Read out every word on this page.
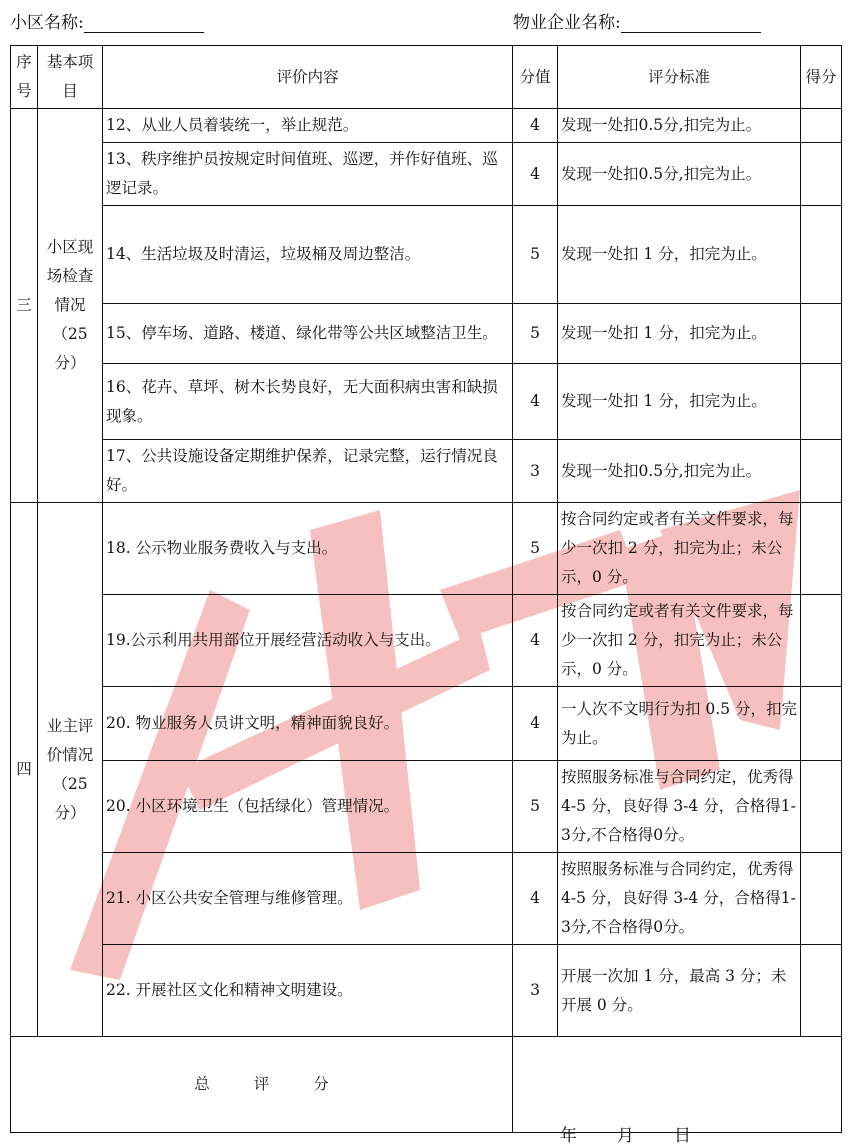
小区名称:	物业企业名称:
序号	基本项目	评价内容	分值	评分标准	得分
三	小区现场检查情况（25分）	12、从业人员着装统一，举止规范。	4	发现一处扣0.5分,扣完为止。	
		13、秩序维护员按规定时间值班、巡逻，并作好值班、巡逻记录。	4	发现一处扣0.5分,扣完为止。	
		14、生活垃圾及时清运，垃圾桶及周边整洁。	5	发现一处扣 1 分，扣完为止。	
		15、停车场、道路、楼道、绿化带等公共区域整洁卫生。	5	发现一处扣 1 分，扣完为止。	
		16、花卉、草坪、树木长势良好，无大面积病虫害和缺损现象。	4	发现一处扣 1 分，扣完为止。	
		17、公共设施设备定期维护保养，记录完整，运行情况良好。	3	发现一处扣0.5分,扣完为止。	
四	业主评价情况（25分）	18. 公示物业服务费收入与支出。	5	按合同约定或者有关文件要求，每少一次扣 2 分，扣完为止；未公示，0 分。	
		19.公示利用共用部位开展经营活动收入与支出。	4	按合同约定或者有关文件要求，每少一次扣 2 分，扣完为止；未公示，0 分。	
		20. 物业服务人员讲文明，精神面貌良好。	4	一人次不文明行为扣 0.5 分，扣完为止。	
		20. 小区环境卫生（包括绿化）管理情况。	5	按照服务标准与合同约定，优秀得 4-5 分，良好得 3-4 分，合格得1-3分,不合格得0分。	
		21. 小区公共安全管理与维修管理。	4	按照服务标准与合同约定，优秀得 4-5 分，良好得 3-4 分，合格得1-3分,不合格得0分。	
		22. 开展社区文化和精神文明建设。	3	开展一次加 1 分，最高 3 分；未开展 0 分。	
总 评 分					
年 月 日
